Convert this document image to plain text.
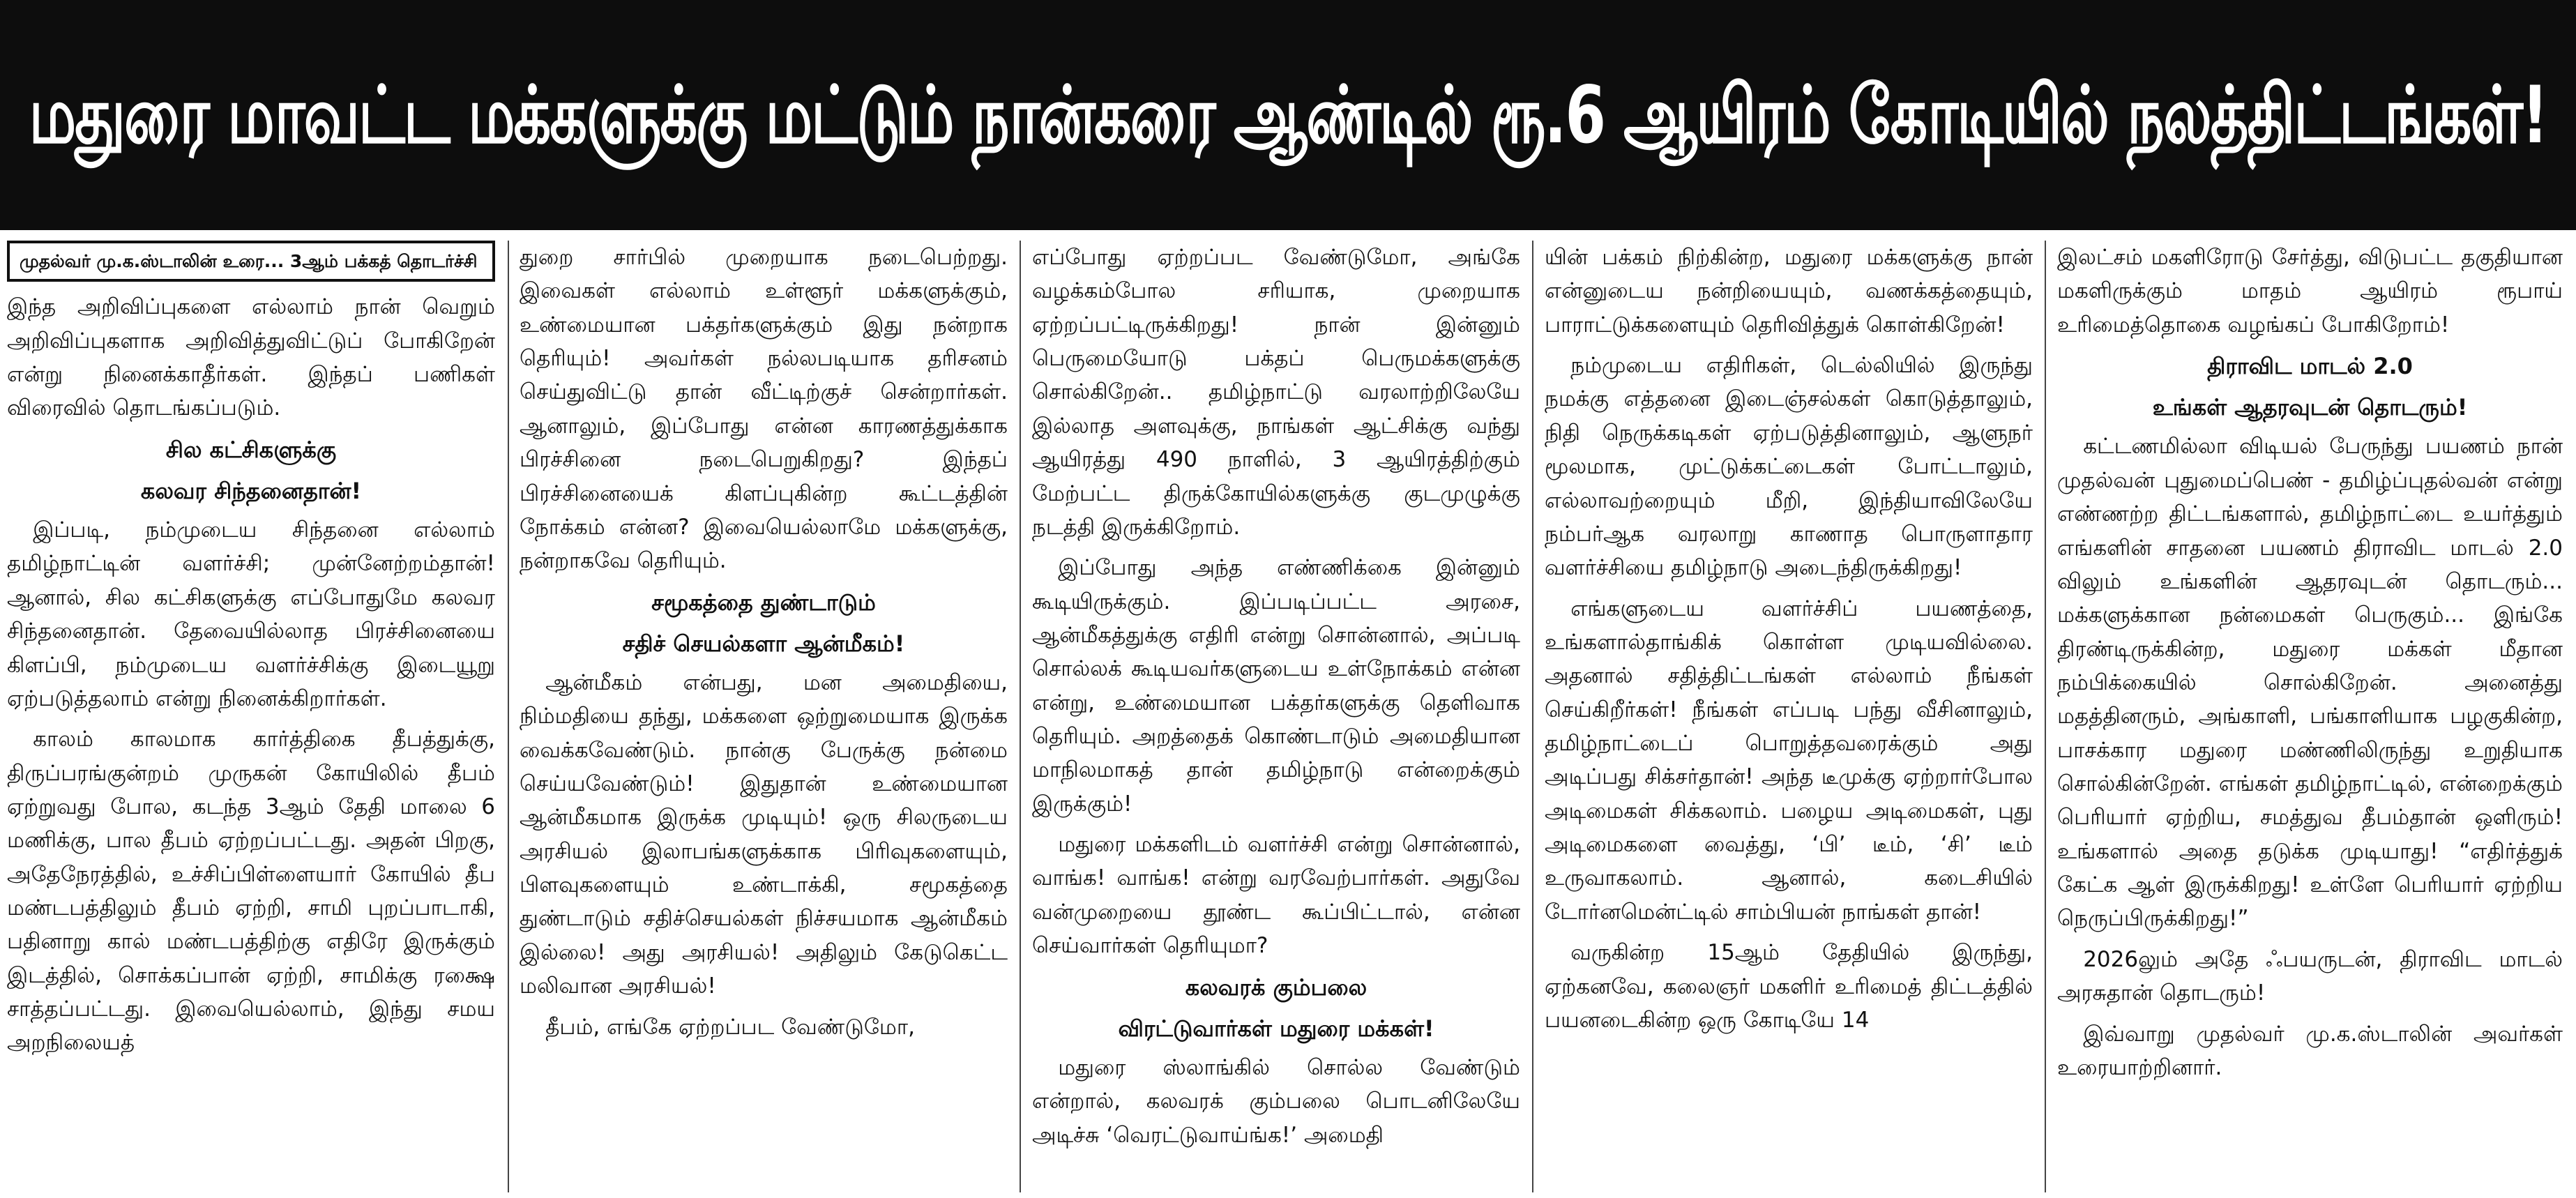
மதுரை மாவட்ட மக்களுக்கு மட்டும் நான்கரை ஆண்டில் ரூ.6 ஆயிரம் கோடியில் நலத்திட்டங்கள்!
முதல்வர் மு.க.ஸ்டாலின் உரை... 3ஆம் பக்கத் தொடர்ச்சி

இந்த அறிவிப்புகளை எல்லாம் நான் வெறும் அறிவிப்புகளாக அறிவித்துவிட்டுப் போகிறேன் என்று நினைக்காதீர்கள். இந்தப் பணிகள் விரைவில் தொடங்கப்படும்.

சில கட்சிகளுக்கு
கலவர சிந்தனைதான்!

இப்படி, நம்முடைய சிந்தனை எல்லாம் தமிழ்நாட்டின் வளர்ச்சி; முன்னேற்றம்தான்! ஆனால், சில கட்சிகளுக்கு எப்போதுமே கலவர சிந்தனைதான். தேவையில்லாத பிரச்சினையை கிளப்பி, நம்முடைய வளர்ச்சிக்கு இடையூறு ஏற்படுத்தலாம் என்று நினைக்கிறார்கள்.

காலம் காலமாக கார்த்திகை தீபத்துக்கு, திருப்பரங்குன்றம் முருகன் கோயிலில் தீபம் ஏற்றுவது போல, கடந்த 3ஆம் தேதி மாலை 6 மணிக்கு, பால தீபம் ஏற்றப்பட்டது. அதன் பிறகு, அதேநேரத்தில், உச்சிப்பிள்ளையார் கோயில் தீப மண்டபத்திலும் தீபம் ஏற்றி, சாமி புறப்பாடாகி, பதினாறு கால் மண்டபத்திற்கு எதிரே இருக்கும் இடத்தில், சொக்கப்பான் ஏற்றி, சாமிக்கு ரக்ஷை சாத்தப்பட்டது. இவையெல்லாம், இந்து சமய அறநிலையத்

துறை சார்பில் முறையாக நடைபெற்றது. இவைகள் எல்லாம் உள்ளூர் மக்களுக்கும், உண்மையான பக்தர்களுக்கும் இது நன்றாக தெரியும்! அவர்கள் நல்லபடியாக தரிசனம் செய்துவிட்டு தான் வீட்டிற்குச் சென்றார்கள். ஆனாலும், இப்போது என்ன காரணத்துக்காக பிரச்சினை நடைபெறுகிறது? இந்தப் பிரச்சினையைக் கிளப்புகின்ற கூட்டத்தின் நோக்கம் என்ன? இவையெல்லாமே மக்களுக்கு, நன்றாகவே தெரியும்.

சமூகத்தை துண்டாடும்
சதிச் செயல்களா ஆன்மீகம்!

ஆன்மீகம் என்பது, மன அமைதியை, நிம்மதியை தந்து, மக்களை ஒற்றுமையாக இருக்க வைக்கவேண்டும். நான்கு பேருக்கு நன்மை செய்யவேண்டும்! இதுதான் உண்மையான ஆன்மீகமாக இருக்க முடியும்! ஒரு சிலருடைய அரசியல் இலாபங்களுக்காக பிரிவுகளையும், பிளவுகளையும் உண்டாக்கி, சமூகத்தை துண்டாடும் சதிச்செயல்கள் நிச்சயமாக ஆன்மீகம் இல்லை! அது அரசியல்! அதிலும் கேடுகெட்ட மலிவான அரசியல்!

தீபம், எங்கே ஏற்றப்பட வேண்டுமோ,

எப்போது ஏற்றப்பட வேண்டுமோ, அங்கே வழக்கம்போல சரியாக, முறையாக ஏற்றப்பட்டிருக்கிறது! நான் இன்னும் பெருமையோடு பக்தப் பெருமக்களுக்கு சொல்கிறேன்.. தமிழ்நாட்டு வரலாற்றிலேயே இல்லாத அளவுக்கு, நாங்கள் ஆட்சிக்கு வந்து ஆயிரத்து 490 நாளில், 3 ஆயிரத்திற்கும் மேற்பட்ட திருக்கோயில்களுக்கு குடமுழுக்கு நடத்தி இருக்கிறோம்.

இப்போது அந்த எண்ணிக்கை இன்னும் கூடியிருக்கும். இப்படிப்பட்ட அரசை, ஆன்மீகத்துக்கு எதிரி என்று சொன்னால், அப்படி சொல்லக் கூடியவர்களுடைய உள்நோக்கம் என்ன என்று, உண்மையான பக்தர்களுக்கு தெளிவாக தெரியும். அறத்தைக் கொண்டாடும் அமைதியான மாநிலமாகத் தான் தமிழ்நாடு என்றைக்கும் இருக்கும்!

மதுரை மக்களிடம் வளர்ச்சி என்று சொன்னால், வாங்க! வாங்க! என்று வரவேற்பார்கள். அதுவே வன்முறையை தூண்ட கூப்பிட்டால், என்ன செய்வார்கள் தெரியுமா?

கலவரக் கும்பலை
விரட்டுவார்கள் மதுரை மக்கள்!

மதுரை ஸ்லாங்கில் சொல்ல வேண்டும் என்றால், கலவரக் கும்பலை பொடனிலேயே அடிச்சு ‘வெரட்டுவாய்ங்க!’ அமைதி

யின் பக்கம் நிற்கின்ற, மதுரை மக்களுக்கு நான் என்னுடைய நன்றியையும், வணக்கத்தையும், பாராட்டுக்களையும் தெரிவித்துக் கொள்கிறேன்!

நம்முடைய எதிரிகள், டெல்லியில் இருந்து நமக்கு எத்தனை இடைஞ்சல்கள் கொடுத்தாலும், நிதி நெருக்கடிகள் ஏற்படுத்தினாலும், ஆளுநர் மூலமாக, முட்டுக்கட்டைகள் போட்டாலும், எல்லாவற்றையும் மீறி, இந்தியாவிலேயே நம்பர்ஆக வரலாறு காணாத பொருளாதார வளர்ச்சியை தமிழ்நாடு அடைந்திருக்கிறது!

எங்களுடைய வளர்ச்சிப் பயணத்தை, உங்களால்தாங்கிக் கொள்ள முடியவில்லை. அதனால் சதித்திட்டங்கள் எல்லாம் நீங்கள் செய்கிறீர்கள்! நீங்கள் எப்படி பந்து வீசினாலும், தமிழ்நாட்டைப் பொறுத்தவரைக்கும் அது அடிப்பது சிக்சர்தான்! அந்த டீமுக்கு ஏற்றார்போல அடிமைகள் சிக்கலாம். பழைய அடிமைகள், புது அடிமைகளை வைத்து, ‘பி’ டீம், ‘சி’ டீம் உருவாகலாம். ஆனால், கடைசியில் டோர்னமென்ட்டில் சாம்பியன் நாங்கள் தான்!

வருகின்ற 15ஆம் தேதியில் இருந்து, ஏற்கனவே, கலைஞர் மகளிர் உரிமைத் திட்டத்தில் பயனடைகின்ற ஒரு கோடியே 14

இலட்சம் மகளிரோடு சேர்த்து, விடுபட்ட தகுதியான மகளிருக்கும் மாதம் ஆயிரம் ரூபாய் உரிமைத்தொகை வழங்கப் போகிறோம்!

திராவிட மாடல் 2.0
உங்கள் ஆதரவுடன் தொடரும்!

கட்டணமில்லா விடியல் பேருந்து பயணம் நான் முதல்வன் புதுமைப்பெண் - தமிழ்ப்புதல்வன் என்று எண்ணற்ற திட்டங்களால், தமிழ்நாட்டை உயர்த்தும் எங்களின் சாதனை பயணம் திராவிட மாடல் 2.0 விலும் உங்களின் ஆதரவுடன் தொடரும்... மக்களுக்கான நன்மைகள் பெருகும்... இங்கே திரண்டிருக்கின்ற, மதுரை மக்கள் மீதான நம்பிக்கையில் சொல்கிறேன். அனைத்து மதத்தினரும், அங்காளி, பங்காளியாக பழகுகின்ற, பாசக்கார மதுரை மண்ணிலிருந்து உறுதியாக சொல்கின்றேன். எங்கள் தமிழ்நாட்டில், என்றைக்கும் பெரியார் ஏற்றிய, சமத்துவ தீபம்தான் ஒளிரும்! உங்களால் அதை தடுக்க முடியாது! “எதிர்த்துக் கேட்க ஆள் இருக்கிறது! உள்ளே பெரியார் ஏற்றிய நெருப்பிருக்கிறது!”

2026லும் அதே ஃபயருடன், திராவிட மாடல் அரசுதான் தொடரும்!

இவ்வாறு முதல்வர் மு.க.ஸ்டாலின் அவர்கள் உரையாற்றினார்.
